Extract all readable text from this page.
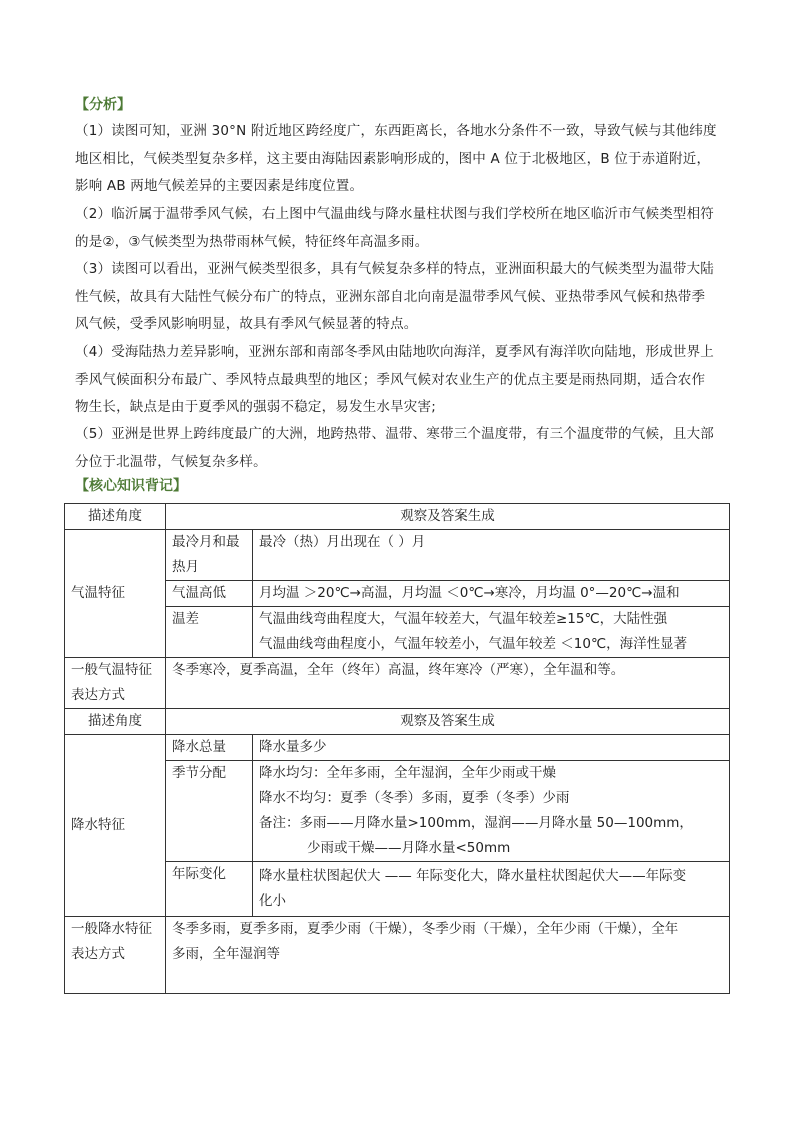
【分析】
（1）读图可知，亚洲 30°N 附近地区跨经度广，东西距离长，各地水分条件不一致，导致气候与其他纬度
地区相比，气候类型复杂多样，这主要由海陆因素影响形成的，图中 A 位于北极地区，B 位于赤道附近，
影响 AB 两地气候差异的主要因素是纬度位置。
（2）临沂属于温带季风气候，右上图中气温曲线与降水量柱状图与我们学校所在地区临沂市气候类型相符
的是②，③气候类型为热带雨林气候，特征终年高温多雨。
（3）读图可以看出，亚洲气候类型很多，具有气候复杂多样的特点，亚洲面积最大的气候类型为温带大陆
性气候，故具有大陆性气候分布广的特点，亚洲东部自北向南是温带季风气候、亚热带季风气候和热带季
风气候，受季风影响明显，故具有季风气候显著的特点。
（4）受海陆热力差异影响，亚洲东部和南部冬季风由陆地吹向海洋，夏季风有海洋吹向陆地，形成世界上
季风气候面积分布最广、季风特点最典型的地区；季风气候对农业生产的优点主要是雨热同期，适合农作
物生长，缺点是由于夏季风的强弱不稳定，易发生水旱灾害;
（5）亚洲是世界上跨纬度最广的大洲，地跨热带、温带、寒带三个温度带，有三个温度带的气候，且大部
分位于北温带，气候复杂多样。
【核心知识背记】
描述角度	观察及答案生成	
气温特征	最冷月和最热月	最冷（热）月出现在（ ）月

	气温高低	月均温 ＞20℃→高温，月均温 ＜0℃→寒冷，月均温 0°—20℃→温和

	温差	气温曲线弯曲程度大，气温年较差大，气温年较差≥15℃，大陆性强
气温曲线弯曲程度小，气温年较差小，气温年较差 ＜10℃，海洋性显著

一般气温特征表达方式	冬季寒冷，夏季高温，全年（终年）高温，终年寒冷（严寒），全年温和等。	
描述角度	观察及答案生成	
降水特征	降水总量	降水量多少

	季节分配	降水均匀：全年多雨，全年湿润，全年少雨或干燥
降水不均匀：夏季（冬季）多雨，夏季（冬季）少雨
备注：多雨——月降水量>100mm，湿润——月降水量 50—100mm，
少雨或干燥——月降水量<50mm

	年际变化	降水量柱状图起伏大 —— 年际变化大，降水量柱状图起伏大——年际变
化小

一般降水特征表达方式	冬季多雨，夏季多雨，夏季少雨（干燥），冬季少雨（干燥），全年少雨（干燥），全年
多雨，全年湿润等	
